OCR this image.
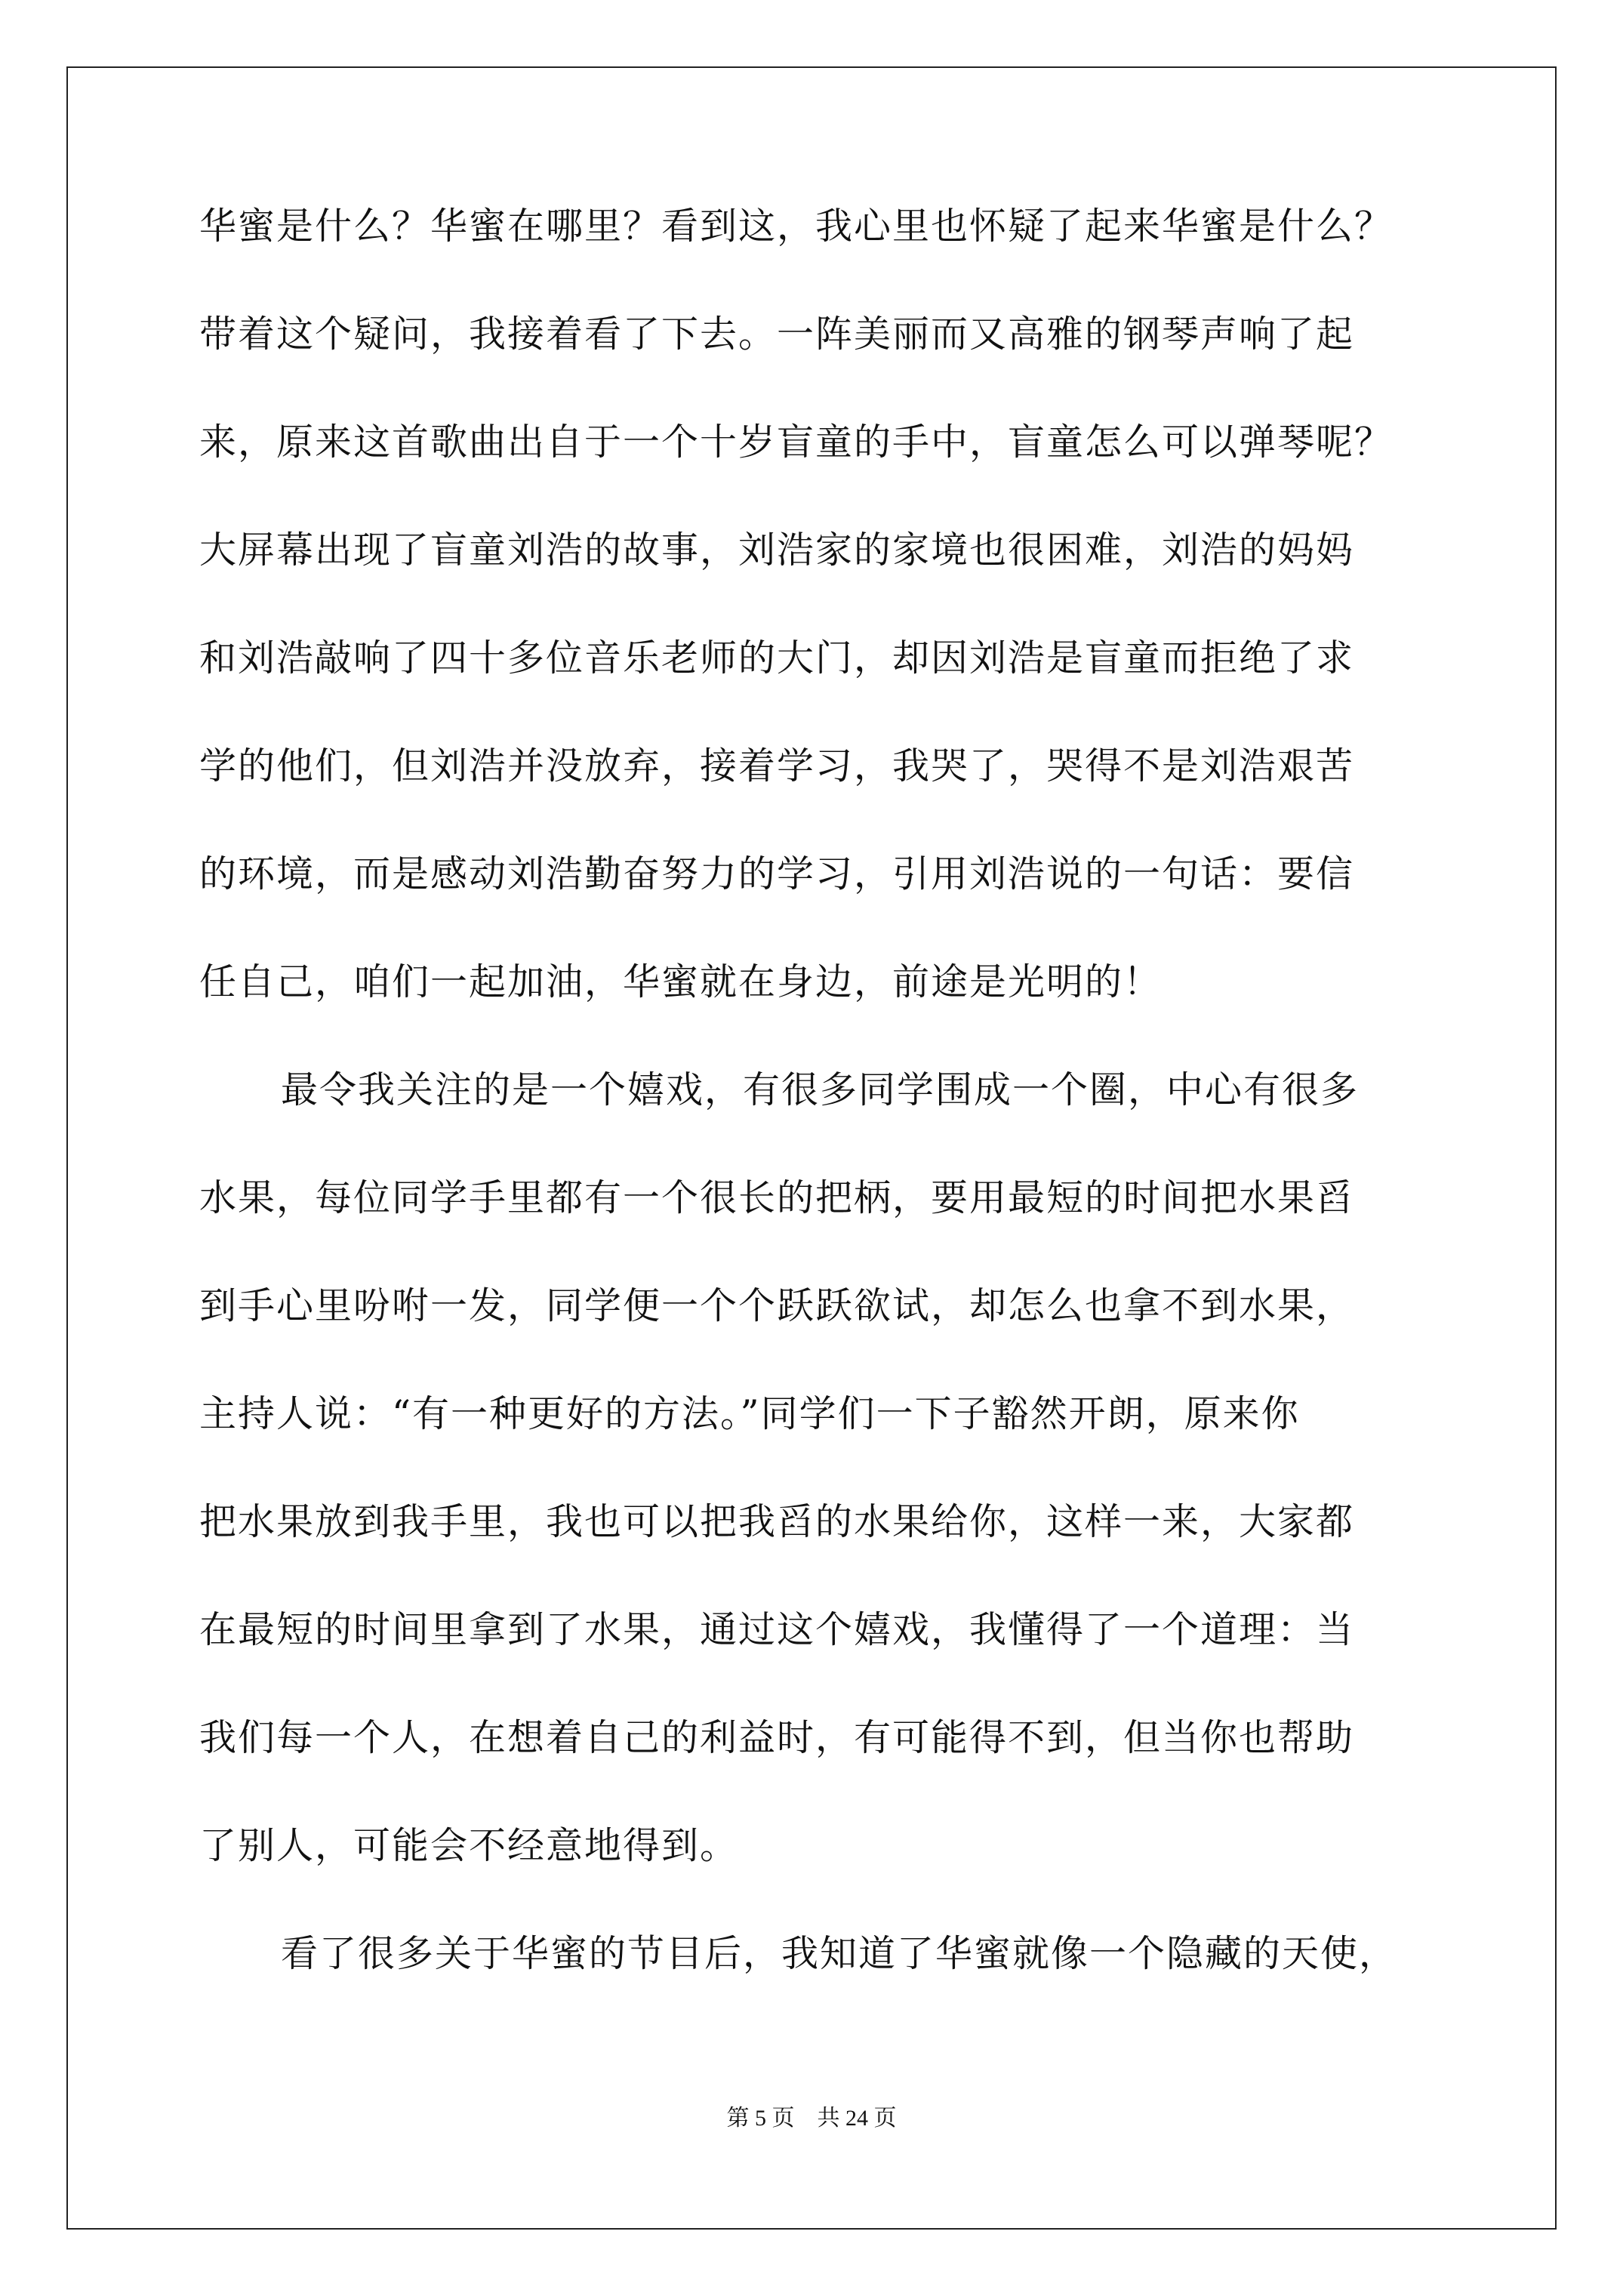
华蜜是什么？华蜜在哪里？看到这，我心里也怀疑了起来华蜜是什么？
带着这个疑问，我接着看了下去。一阵美丽而又高雅的钢琴声响了起
来，原来这首歌曲出自于一个十岁盲童的手中，盲童怎么可以弹琴呢？
大屏幕出现了盲童刘浩的故事，刘浩家的家境也很困难，刘浩的妈妈
和刘浩敲响了四十多位音乐老师的大门，却因刘浩是盲童而拒绝了求
学的他们，但刘浩并没放弃，接着学习，我哭了，哭得不是刘浩艰苦
的环境，而是感动刘浩勤奋努力的学习，引用刘浩说的一句话：要信
任自己，咱们一起加油，华蜜就在身边，前途是光明的！
最令我关注的是一个嬉戏，有很多同学围成一个圈，中心有很多
水果，每位同学手里都有一个很长的把柄，要用最短的时间把水果舀
到手心里吩咐一发，同学便一个个跃跃欲试，却怎么也拿不到水果，
主持人说：“有一种更好的方法。”同学们一下子豁然开朗，原来你
把水果放到我手里，我也可以把我舀的水果给你，这样一来，大家都
在最短的时间里拿到了水果，通过这个嬉戏，我懂得了一个道理：当
我们每一个人，在想着自己的利益时，有可能得不到，但当你也帮助
了别人，可能会不经意地得到。
看了很多关于华蜜的节目后，我知道了华蜜就像一个隐藏的天使，
第 5 页　共 24 页
